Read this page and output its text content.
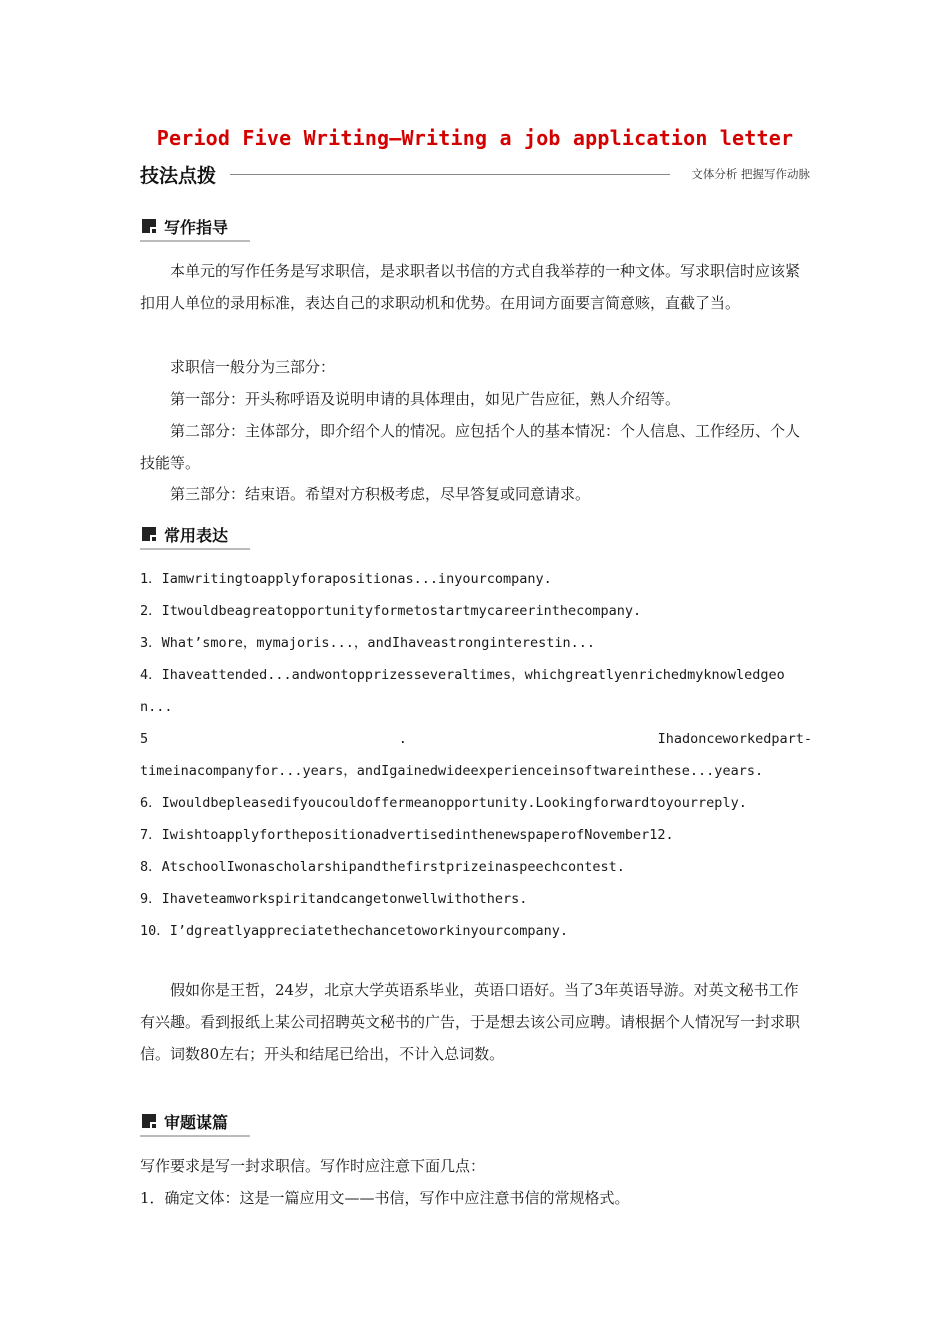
Period Five Writing—Writing a job application letter
技法点拨	文体分析 把握写作动脉
写作指导

本单元的写作任务是写求职信，是求职者以书信的方式自我举荐的一种文体。写求职信时应该紧扣用人单位的录用标准，表达自己的求职动机和优势。在用词方面要言简意赅，直截了当。

求职信一般分为三部分：

第一部分：开头称呼语及说明申请的具体理由，如见广告应征，熟人介绍等。

第二部分：主体部分，即介绍个人的情况。应包括个人的基本情况：个人信息、工作经历、个人技能等。

第三部分：结束语。希望对方积极考虑，尽早答复或同意请求。

常用表达

1．Iamwritingtoapplyforapositionas...inyourcompany.

2．Itwouldbeagreatopportunityformetostartmycareerinthecompany.

3．What’smore，mymajoris...，andIhaveastronginterestin...

4．Ihaveattended...andwontopprizesseveraltimes，whichgreatlyenrichedmyknowledgeon...

5	.	Ihadonceworkedpart-

timeinacompanyfor...years，andIgainedwideexperienceinsoftwareinthese...years.

6．Iwouldbepleasedifyoucouldoffermeanopportunity.Lookingforwardtoyourreply.

7．IwishtoapplyforthepositionadvertisedinthenewspaperofNovember12.

8．AtschoolIwonascholarshipandthefirstprizeinaspeechcontest.

9．Ihaveteamworkspiritandcangetonwellwithothers.

10．I’dgreatlyappreciatethechancetoworkinyourcompany.

假如你是王哲，24岁，北京大学英语系毕业，英语口语好。当了3年英语导游。对英文秘书工作有兴趣。看到报纸上某公司招聘英文秘书的广告，于是想去该公司应聘。请根据个人情况写一封求职信。词数80左右；开头和结尾已给出，不计入总词数。

审题谋篇

写作要求是写一封求职信。写作时应注意下面几点：

1．确定文体：这是一篇应用文——书信，写作中应注意书信的常规格式。
